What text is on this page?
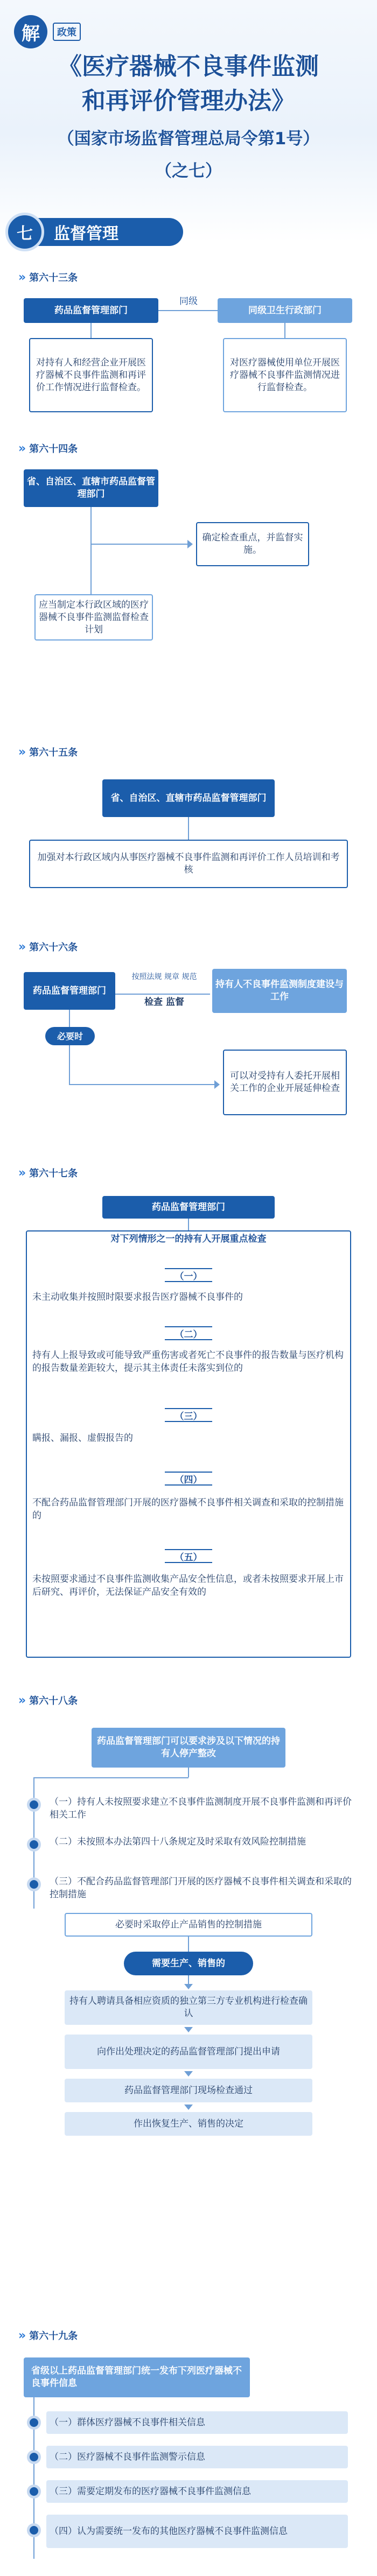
解	政策
《医疗器械不良事件监测
和再评价管理办法》
（国家市场监督管理总局令第1号）
（之七）
七	监督管理
›› 第六十三条
药品监督管理部门
同级
同级卫生行政部门
对持有人和经营企业开展医疗器械不良事件监测和再评价工作情况进行监督检查。
对医疗器械使用单位开展医疗器械不良事件监测情况进行监督检查。
›› 第六十四条
省、自治区、直辖市药品监督管理部门
确定检查重点，并监督实施。
应当制定本行政区域的医疗器械不良事件监测监督检查计划
›› 第六十五条
省、自治区、直辖市药品监督管理部门
加强对本行政区域内从事医疗器械不良事件监测和再评价工作人员培训和考核
›› 第六十六条
药品监督管理部门
按照法规 规章 规范
检查 监督
持有人不良事件监测制度建设与工作
必要时
可以对受持有人委托开展相关工作的企业开展延伸检查
›› 第六十七条
药品监督管理部门
对下列情形之一的持有人开展重点检查
（一）
未主动收集并按照时限要求报告医疗器械不良事件的
（二）
持有人上报导致或可能导致严重伤害或者死亡不良事件的报告数量与医疗机构的报告数量差距较大，提示其主体责任未落实到位的
（三）
瞒报、漏报、虚假报告的
（四）
不配合药品监督管理部门开展的医疗器械不良事件相关调查和采取的控制措施的
（五）
未按照要求通过不良事件监测收集产品安全性信息，或者未按照要求开展上市后研究、再评价，无法保证产品安全有效的
›› 第六十八条
药品监督管理部门可以要求涉及以下情况的持有人停产整改
（一）持有人未按照要求建立不良事件监测制度开展不良事件监测和再评价相关工作
（二）未按照本办法第四十八条规定及时采取有效风险控制措施
（三）不配合药品监督管理部门开展的医疗器械不良事件相关调查和采取的控制措施
必要时采取停止产品销售的控制措施
需要生产、销售的
持有人聘请具备相应资质的独立第三方专业机构进行检查确认
向作出处理决定的药品监督管理部门提出申请
药品监督管理部门现场检查通过
作出恢复生产、销售的决定
›› 第六十九条
省级以上药品监督管理部门统一发布下列医疗器械不良事件信息
（一） 群体医疗器械不良事件相关信息
（二） 医疗器械不良事件监测警示信息
（三） 需要定期发布的医疗器械不良事件监测信息
（四） 认为需要统一发布的其他医疗器械不良事件监测信息
